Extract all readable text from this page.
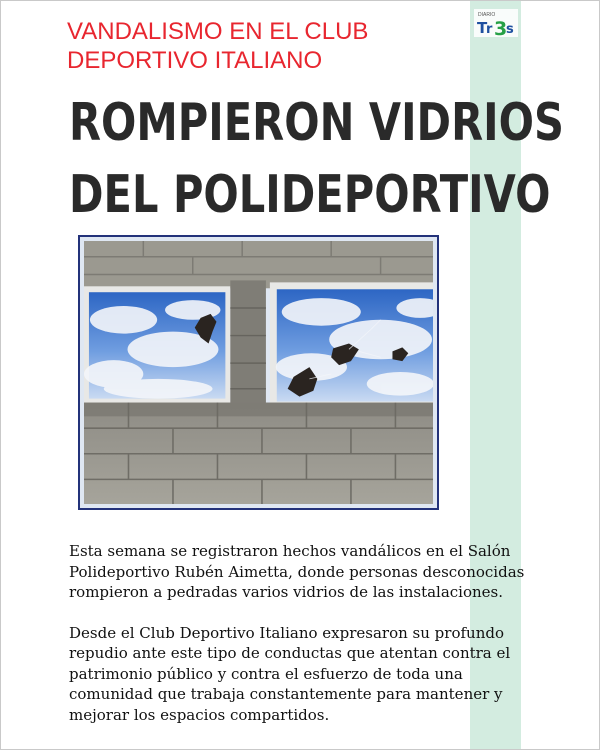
VANDALISMO EN EL CLUB
DEPORTIVO ITALIANO
DIARIO
T
r 3
s
ROMPIERON VIDRIOS
DEL POLIDEPORTIVO

Esta semana se registraron hechos vandálicos en el Salón Polideportivo Rubén Aimetta, donde personas desconocidas rompieron a pedradas varios vidrios de las instalaciones.

Desde el Club Deportivo Italiano expresaron su profundo repudio ante este tipo de conductas que atentan contra el patrimonio público y contra el esfuerzo de toda una comunidad que trabaja constantemente para mantener y mejorar los espacios compartidos.
